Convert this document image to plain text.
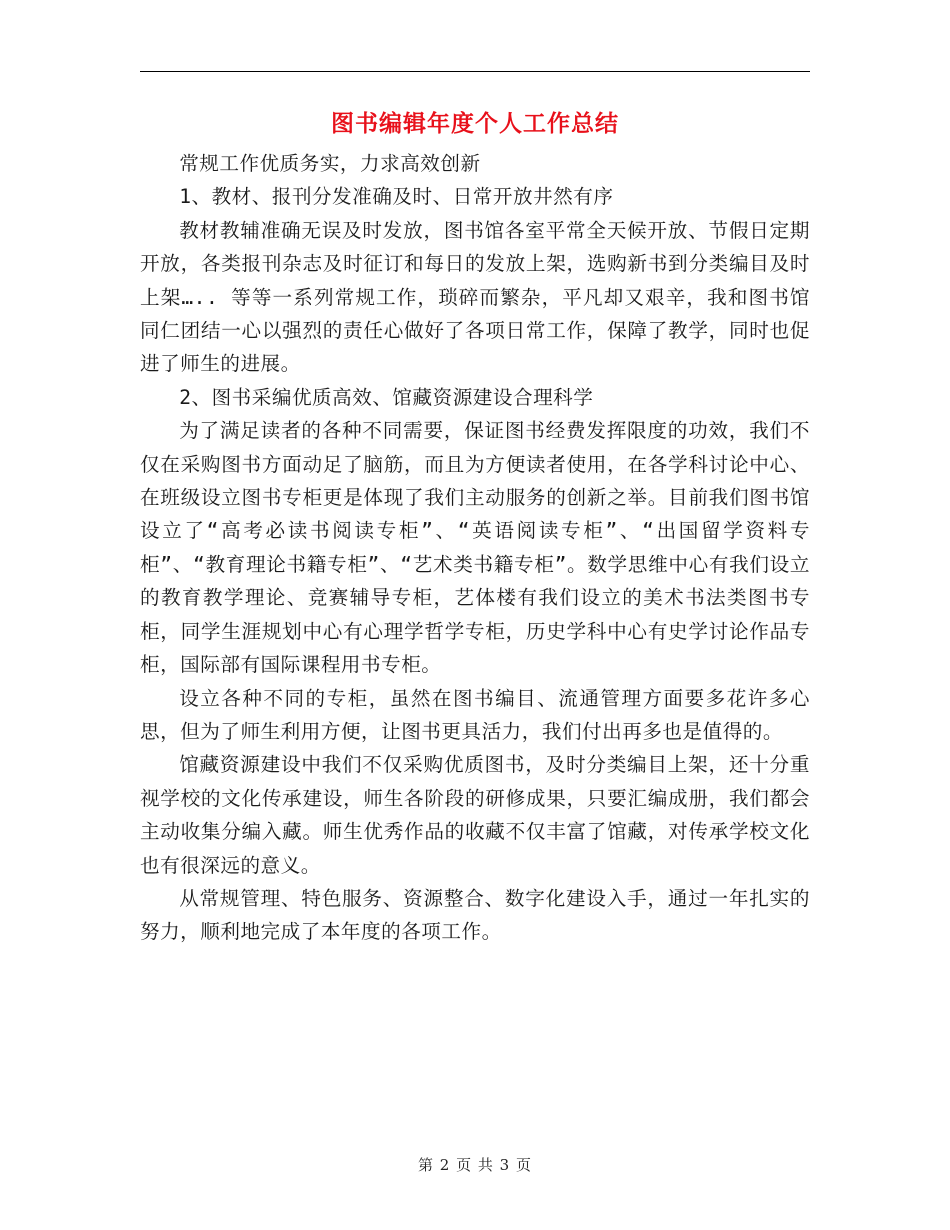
图书编辑年度个人工作总结

常规工作优质务实，力求高效创新

1、教材、报刊分发准确及时、日常开放井然有序

教材教辅准确无误及时发放，图书馆各室平常全天候开放、节假日定期开放，各类报刊杂志及时征订和每日的发放上架，选购新书到分类编目及时上架….. 等等一系列常规工作，琐碎而繁杂，平凡却又艰辛，我和图书馆同仁团结一心以强烈的责任心做好了各项日常工作，保障了教学，同时也促进了师生的进展。

2、图书采编优质高效、馆藏资源建设合理科学

为了满足读者的各种不同需要，保证图书经费发挥限度的功效，我们不仅在采购图书方面动足了脑筋，而且为方便读者使用，在各学科讨论中心、在班级设立图书专柜更是体现了我们主动服务的创新之举。目前我们图书馆设立了“高考必读书阅读专柜”、“英语阅读专柜”、“出国留学资料专柜”、“教育理论书籍专柜”、“艺术类书籍专柜”。数学思维中心有我们设立的教育教学理论、竞赛辅导专柜，艺体楼有我们设立的美术书法类图书专柜，同学生涯规划中心有心理学哲学专柜，历史学科中心有史学讨论作品专柜，国际部有国际课程用书专柜。

设立各种不同的专柜，虽然在图书编目、流通管理方面要多花许多心思，但为了师生利用方便，让图书更具活力，我们付出再多也是值得的。

馆藏资源建设中我们不仅采购优质图书，及时分类编目上架，还十分重视学校的文化传承建设，师生各阶段的研修成果，只要汇编成册，我们都会主动收集分编入藏。师生优秀作品的收藏不仅丰富了馆藏，对传承学校文化也有很深远的意义。

从常规管理、特色服务、资源整合、数字化建设入手，通过一年扎实的努力，顺利地完成了本年度的各项工作。

第 2 页 共 3 页
